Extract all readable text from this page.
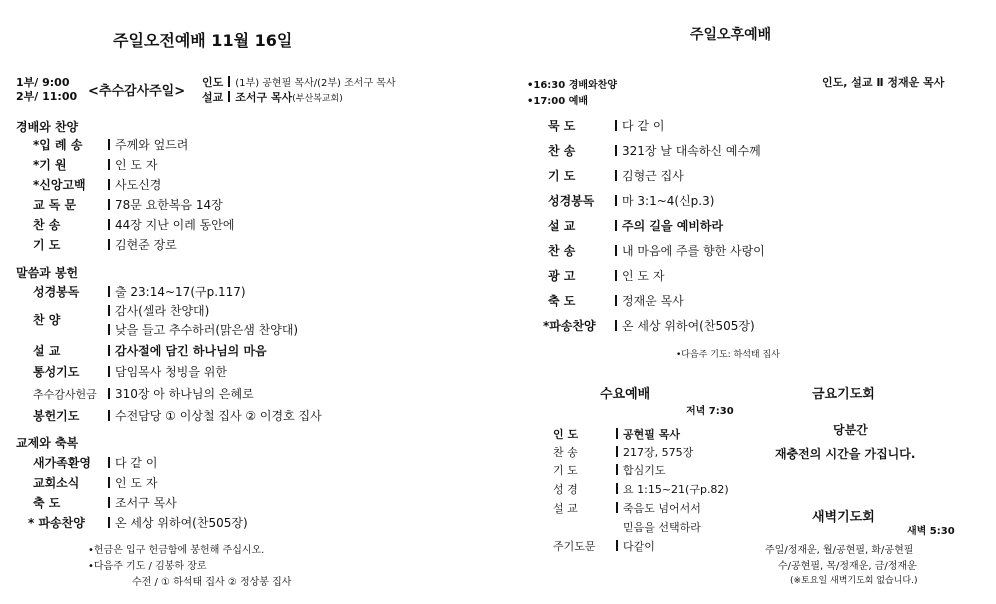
주일오전예배 11월 16일
1부/ 9:00
2부/ 11:00 <추수감사주일>
인도 (1부) 공현필 목사/(2부) 조서구 목사
설교 조서구 목사(부산복교회)
경배와 찬양
*입 례 송	주께와 엎드려
*기 원	인 도 자
*신앙고백 사도신경
교 독 문	78문 요한복음 14장
찬 송	44장 지난 이레 동안에
기 도	김현준 장로
말씀과 봉헌
성경봉독	출 23:14~17(구p.117)
찬 양
감사(셀라 찬양대)
낮을 들고 추수하러(맑은샘 찬양대)
설 교	감사절에 담긴 하나님의 마음
통성기도	담임목사 청빙을 위한
추수감사헌금 310장 아 하나님의 은혜로
봉헌기도	수전담당 ① 이상철 집사 ② 이경호 집사
교제와 축복
새가족환영 다 같 이
교회소식	인 도 자
축 도	조서구 목사
* 파송찬양	온 세상 위하여(찬505장)
•헌금은 입구 헌금함에 봉헌해 주십시오.
•다음주 기도 / 김봉하 장로
수전 / ① 하석태 집사 ② 정상봉 집사
주일오후예배
•16:30 경배와찬양
•17:00 예배
인도, 설교 Ⅱ 정재운 목사
묵 도	다 같 이
찬 송	321장 날 대속하신 예수께
기 도	김형근 집사
성경봉독 마 3:1~4(신p.3)
설 교	주의 길을 예비하라
찬 송	내 마음에 주를 향한 사랑이
광 고	인 도 자
축 도	정재운 목사
*파송찬양 온 세상 위하여(찬505장)
•다음주 기도: 하석태 집사
수요예배
저녁 7:30
인 도	공현필 목사
찬 송	217장, 575장
기 도	합심기도
성 경	요 1:15~21(구p.82)
설 교	죽음도 넘어서서
믿음을 선택하라
주기도문 다같이
금요기도회
당분간
재충전의 시간을 가집니다.
새벽기도회
새벽 5:30
주일/정재운, 월/공현필, 화/공현필
수/공현필, 목/정재운, 금/정재운
(※토요일 새벽기도회 없습니다.)
